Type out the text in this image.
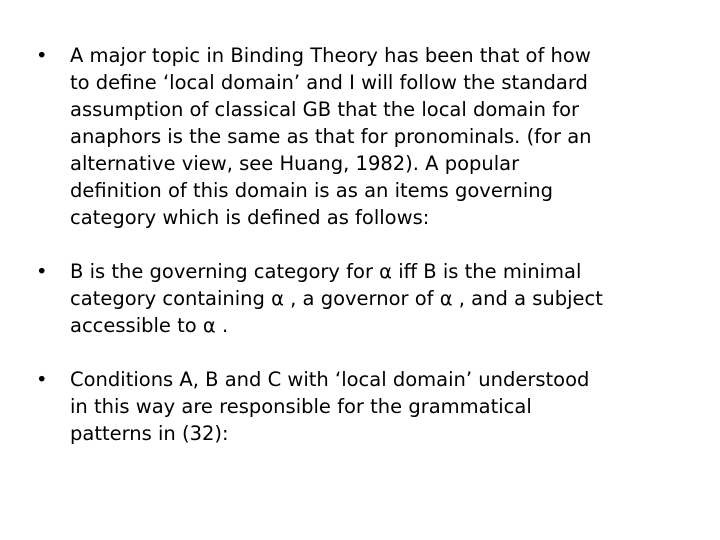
•	A major topic in Binding Theory has been that of how
to define ‘local domain’ and I will follow the standard
assumption of classical GB that the local domain for
anaphors is the same as that for pronominals. (for an
alternative view, see Huang, 1982). A popular
definition of this domain is as an items governing
category which is defined as follows:
•	B is the governing category for α iff B is the minimal
category containing α , a governor of α , and a subject
accessible to α .
•	Conditions A, B and C with ‘local domain’ understood
in this way are responsible for the grammatical
patterns in (32):
